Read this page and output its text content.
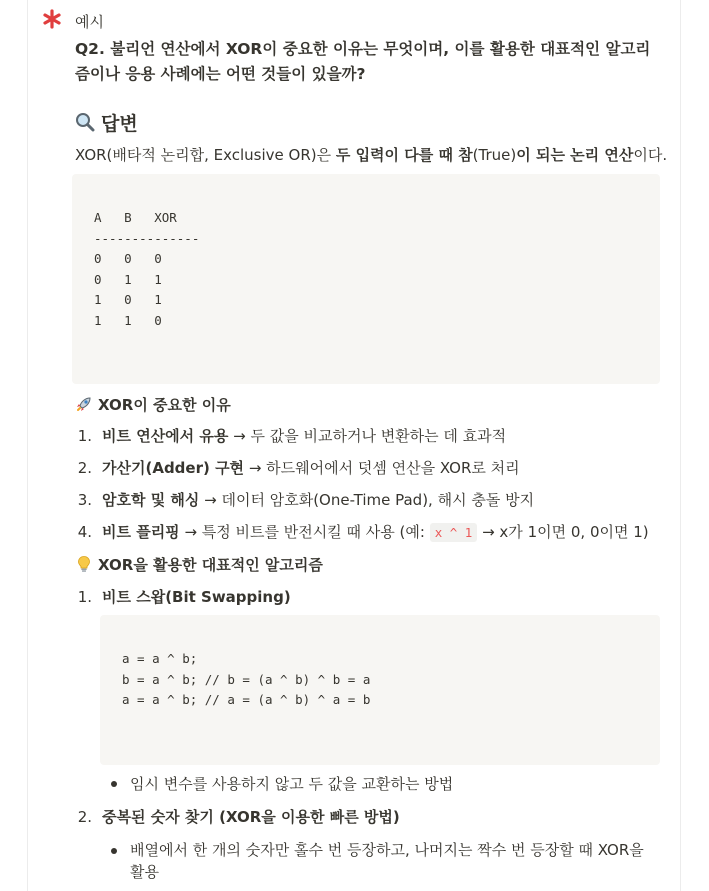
예시
Q2. 불리언 연산에서 XOR이 중요한 이유는 무엇이며, 이를 활용한 대표적인 알고리즘이나 응용 사례에는 어떤 것들이 있을까?
답변
XOR(배타적 논리합, Exclusive OR)은 두 입력이 다를 때 참(True)이 되는 논리 연산이다.
A   B   XOR
--------------
0   0   0
0   1   1
1   0   1
1   1   0
XOR이 중요한 이유
1. 비트 연산에서 유용 → 두 값을 비교하거나 변환하는 데 효과적
2. 가산기(Adder) 구현 → 하드웨어에서 덧셈 연산을 XOR로 처리
3. 암호학 및 해싱 → 데이터 암호화(One-Time Pad), 해시 충돌 방지
4. 비트 플리핑 → 특정 비트를 반전시킬 때 사용 (예: x ^ 1 → x가 1이면 0, 0이면 1)
XOR을 활용한 대표적인 알고리즘
1. 비트 스왑(Bit Swapping)
a = a ^ b;
b = a ^ b; // b = (a ^ b) ^ b = a
a = a ^ b; // a = (a ^ b) ^ a = b
임시 변수를 사용하지 않고 두 값을 교환하는 방법
2. 중복된 숫자 찾기 (XOR을 이용한 빠른 방법)
배열에서 한 개의 숫자만 홀수 번 등장하고, 나머지는 짝수 번 등장할 때 XOR을
활용
